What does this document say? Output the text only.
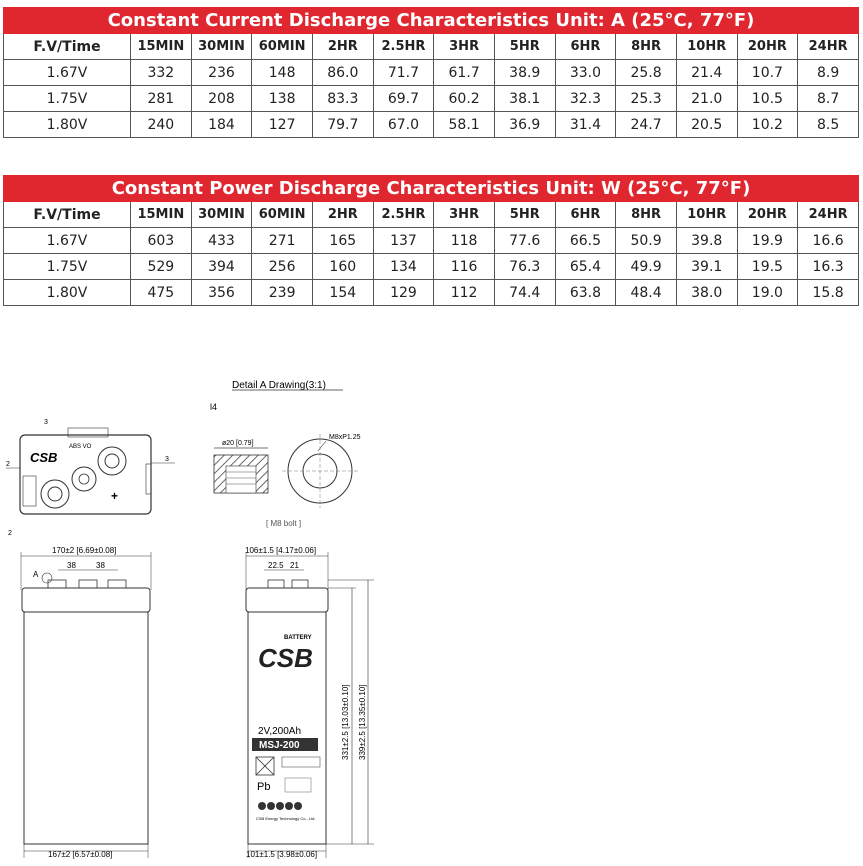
Constant Current Discharge Characteristics Unit: A (25°C, 77°F)												
F.V/Time	15MIN	30MIN	60MIN	2HR	2.5HR	3HR	5HR	6HR	8HR	10HR	20HR	24HR
1.67V	332	236	148	86.0	71.7	61.7	38.9	33.0	25.8	21.4	10.7	8.9
1.75V	281	208	138	83.3	69.7	60.2	38.1	32.3	25.3	21.0	10.5	8.7
1.80V	240	184	127	79.7	67.0	58.1	36.9	31.4	24.7	20.5	10.2	8.5
Constant Power Discharge Characteristics Unit: W (25°C, 77°F)												
F.V/Time	15MIN	30MIN	60MIN	2HR	2.5HR	3HR	5HR	6HR	8HR	10HR	20HR	24HR
1.67V	603	433	271	165	137	118	77.6	66.5	50.9	39.8	19.9	16.6
1.75V	529	394	256	160	134	116	76.3	65.4	49.9	39.1	19.5	16.3
1.80V	475	356	239	154	129	112	74.4	63.8	48.4	38.0	19.0	15.8
Detail A Drawing(3:1)
l4
ø20 [0.79]
M8xP1.25
[ M8 bolt ]
ABS VO
CSB
+
2
3
2
3
170±2 [6.69±0.08]
38	38
A
167±2 [6.57±0.08]
106±1.5 [4.17±0.06]
22.5 21
BATTERY
CSB
2V,200Ah
MSJ-200
Pb
CSB Energy Technology Co., Ltd.
101±1.5 [3.98±0.06]
331±2.5 [13.03±0.10] 339±2.5 [13.35±0.10]
